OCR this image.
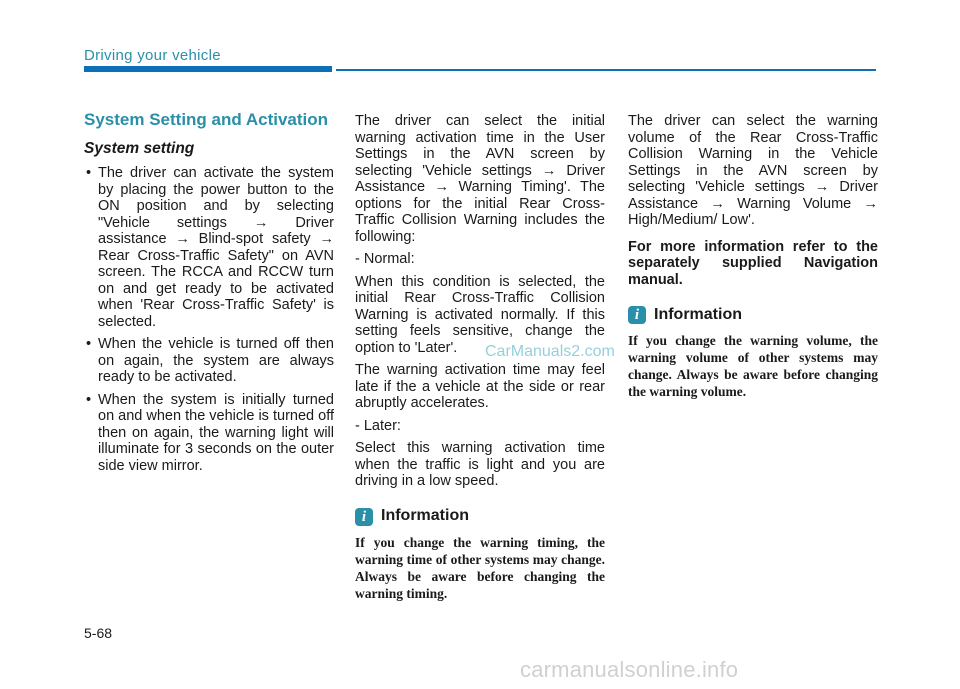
Driving your vehicle
System Setting and Activation
System setting
• The driver can activate the system by placing the power button to the ON position and by selecting "Vehicle settings → Driver assistance → Blind-spot safety → Rear Cross-Traffic Safety" on AVN screen. The RCCA and RCCW turn on and get ready to be activated when 'Rear Cross-Traffic Safety' is selected.
• When the vehicle is turned off then on again, the system are always ready to be activated.
• When the system is initially turned on and when the vehicle is turned off then on again, the warning light will illuminate for 3 seconds on the outer side view mirror.

The driver can select the initial warning activation time in the User Settings in the AVN screen by selecting 'Vehicle settings → Driver Assistance → Warning Timing'. The options for the initial Rear Cross-Traffic Collision Warning includes the following:

- Normal:

When this condition is selected, the initial Rear Cross-Traffic Collision Warning is activated normally. If this setting feels sensitive, change the option to 'Later'.

The warning activation time may feel late if the a vehicle at the side or rear abruptly accelerates.

- Later:

Select this warning activation time when the traffic is light and you are driving in a low speed.

i Information

If you change the warning timing, the warning time of other systems may change. Always be aware before changing the warning timing.

The driver can select the warning volume of the Rear Cross-Traffic Collision Warning in the Vehicle Settings in the AVN screen by selecting 'Vehicle settings → Driver Assistance → Warning Volume → High/Medium/ Low'.

For more information refer to the separately supplied Navigation manual.

i Information

If you change the warning volume, the warning volume of other systems may change. Always be aware before changing the warning volume.

CarManuals2.com
5-68
carmanualsonline.info
